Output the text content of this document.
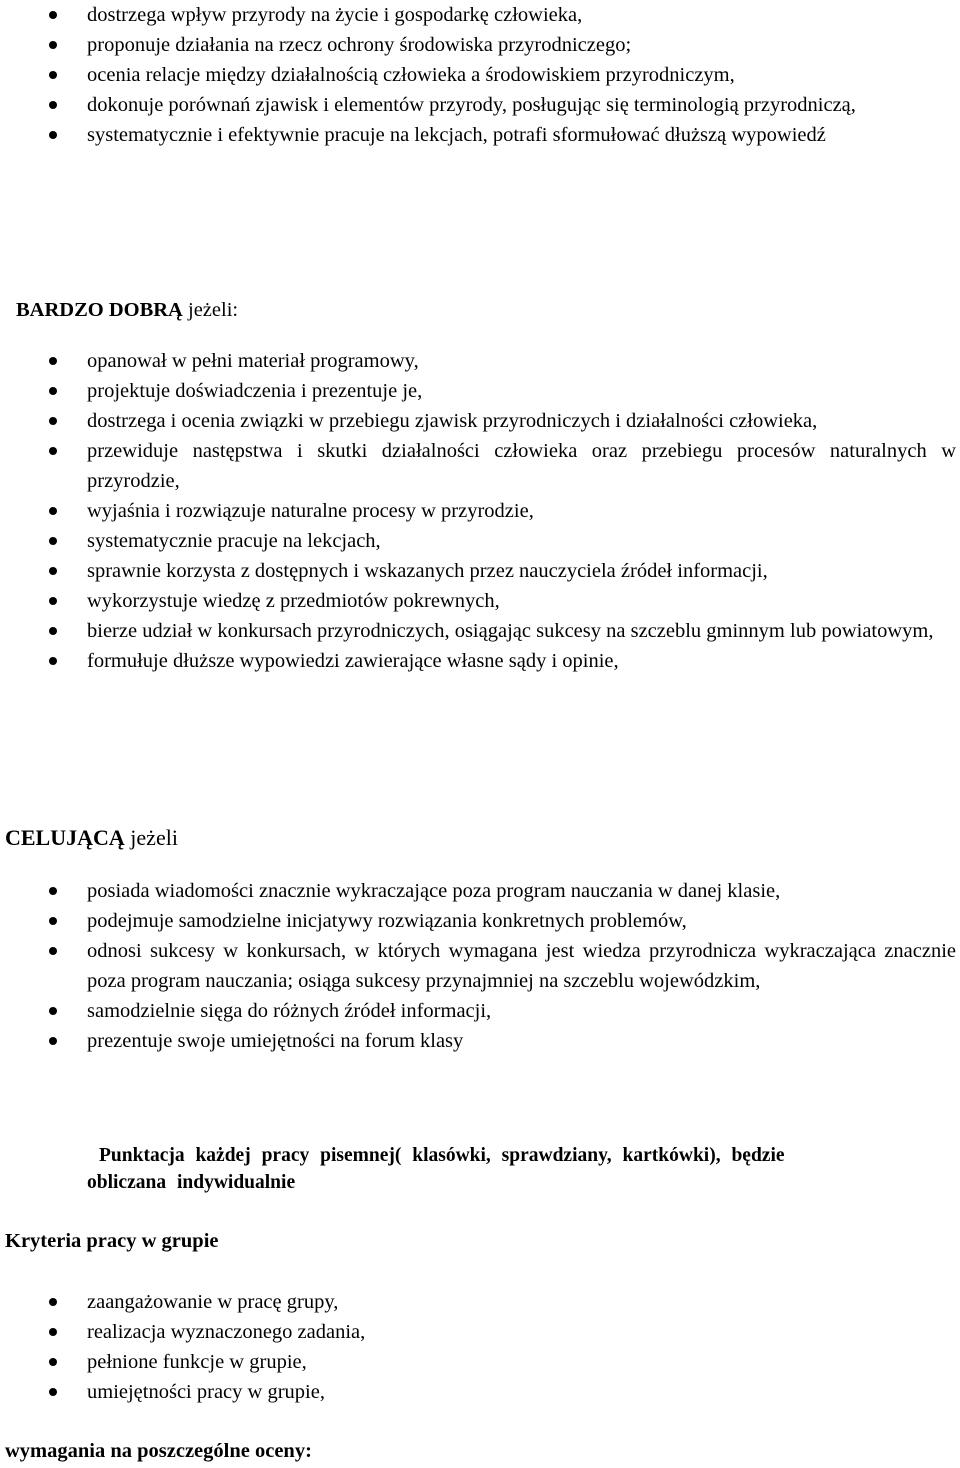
dostrzega wpływ przyrody na życie i gospodarkę człowieka,
proponuje działania na rzecz ochrony środowiska przyrodniczego;
ocenia relacje między działalnością człowieka a środowiskiem przyrodniczym,
dokonuje porównań zjawisk i elementów przyrody, posługując się terminologią przyrodniczą,
systematycznie i efektywnie pracuje na lekcjach, potrafi sformułować dłuższą wypowiedź
BARDZO DOBRĄ jeżeli:
opanował w pełni materiał programowy,
projektuje doświadczenia i prezentuje je,
dostrzega i ocenia związki w przebiegu zjawisk przyrodniczych i działalności człowieka,
przewiduje następstwa i skutki działalności człowieka oraz przebiegu procesów naturalnych w przyrodzie,
wyjaśnia i rozwiązuje naturalne procesy w przyrodzie,
systematycznie pracuje na lekcjach,
sprawnie korzysta z dostępnych i wskazanych przez nauczyciela źródeł informacji,
wykorzystuje wiedzę z przedmiotów pokrewnych,
bierze udział w konkursach przyrodniczych, osiągając sukcesy na szczeblu gminnym lub powiatowym,
formułuje dłuższe wypowiedzi zawierające własne sądy i opinie,
CELUJĄCĄ jeżeli
posiada wiadomości znacznie wykraczające poza program nauczania w danej klasie,
podejmuje samodzielne inicjatywy rozwiązania konkretnych problemów,
odnosi sukcesy w konkursach, w których wymagana jest wiedza przyrodnicza wykraczająca znacznie poza program nauczania; osiąga sukcesy przynajmniej na szczeblu wojewódzkim,
samodzielnie sięga do różnych źródeł informacji,
prezentuje swoje umiejętności na forum klasy
Punktacja każdej pracy pisemnej( klasówki, sprawdziany, kartkówki), będzie
obliczana indywidualnie
Kryteria pracy w grupie
zaangażowanie w pracę grupy,
realizacja wyznaczonego zadania,
pełnione funkcje w grupie,
umiejętności pracy w grupie,
wymagania na poszczególne oceny:
